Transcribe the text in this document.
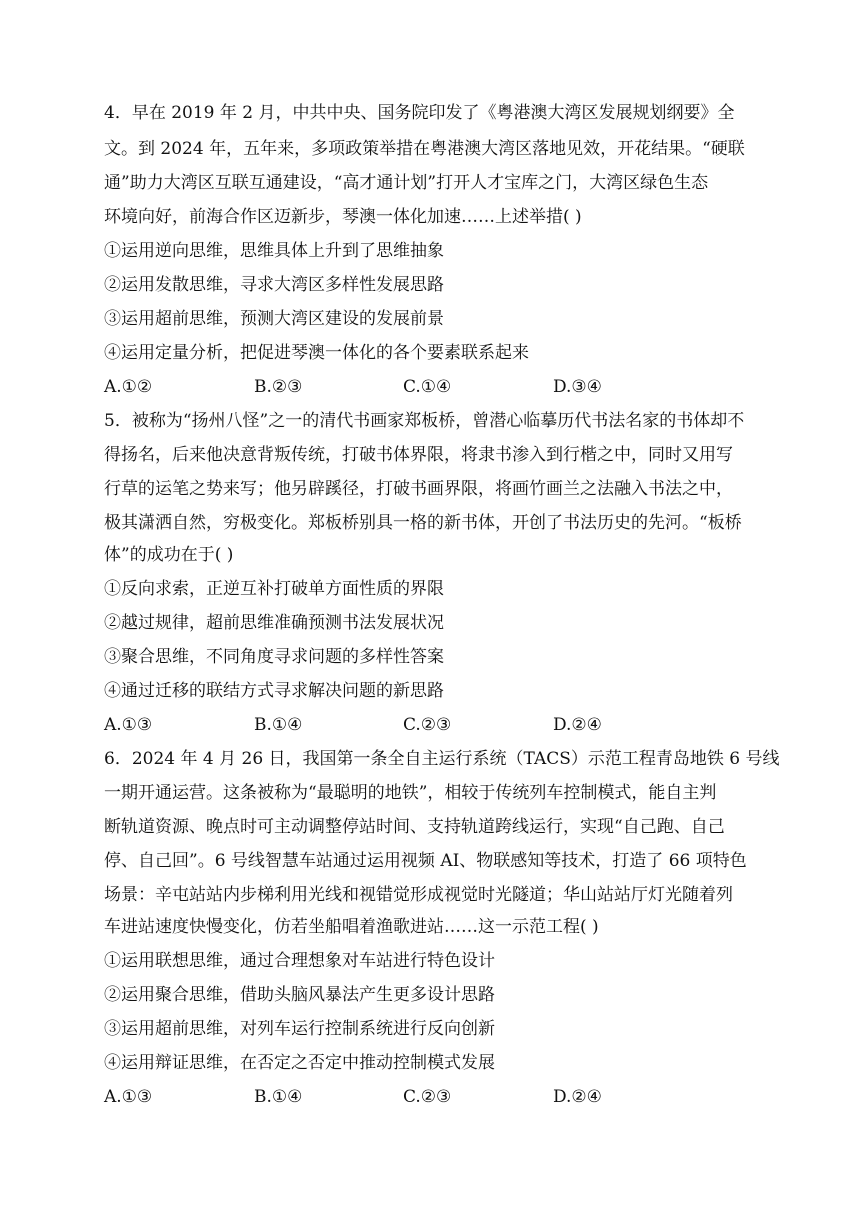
4．早在 2019 年 2 月，中共中央、国务院印发了《粤港澳大湾区发展规划纲要》全
文。到 2024 年，五年来，多项政策举措在粤港澳大湾区落地见效，开花结果。“硬联
通”助力大湾区互联互通建设，“高才通计划”打开人才宝库之门，大湾区绿色生态
环境向好，前海合作区迈新步，琴澳一体化加速……上述举措( )
①运用逆向思维，思维具体上升到了思维抽象
②运用发散思维，寻求大湾区多样性发展思路
③运用超前思维，预测大湾区建设的发展前景
④运用定量分析，把促进琴澳一体化的各个要素联系起来
A.①②	B.②③	C.①④	D.③④
5．被称为“扬州八怪”之一的清代书画家郑板桥，曾潜心临摹历代书法名家的书体却不
得扬名，后来他决意背叛传统，打破书体界限，将隶书渗入到行楷之中，同时又用写
行草的运笔之势来写；他另辟蹊径，打破书画界限，将画竹画兰之法融入书法之中，
极其潇洒自然，穷极变化。郑板桥别具一格的新书体，开创了书法历史的先河。“板桥
体”的成功在于( )
①反向求索，正逆互补打破单方面性质的界限
②越过规律，超前思维准确预测书法发展状况
③聚合思维，不同角度寻求问题的多样性答案
④通过迁移的联结方式寻求解决问题的新思路
A.①③	B.①④	C.②③	D.②④
6．2024 年 4 月 26 日，我国第一条全自主运行系统（TACS）示范工程青岛地铁 6 号线
一期开通运营。这条被称为“最聪明的地铁”，相较于传统列车控制模式，能自主判
断轨道资源、晚点时可主动调整停站时间、支持轨道跨线运行，实现“自己跑、自己
停、自己回”。6 号线智慧车站通过运用视频 AI、物联感知等技术，打造了 66 项特色
场景：辛屯站站内步梯利用光线和视错觉形成视觉时光隧道；华山站站厅灯光随着列
车进站速度快慢变化，仿若坐船唱着渔歌进站……这一示范工程( )
①运用联想思维，通过合理想象对车站进行特色设计
②运用聚合思维，借助头脑风暴法产生更多设计思路
③运用超前思维，对列车运行控制系统进行反向创新
④运用辩证思维，在否定之否定中推动控制模式发展
A.①③	B.①④	C.②③	D.②④
